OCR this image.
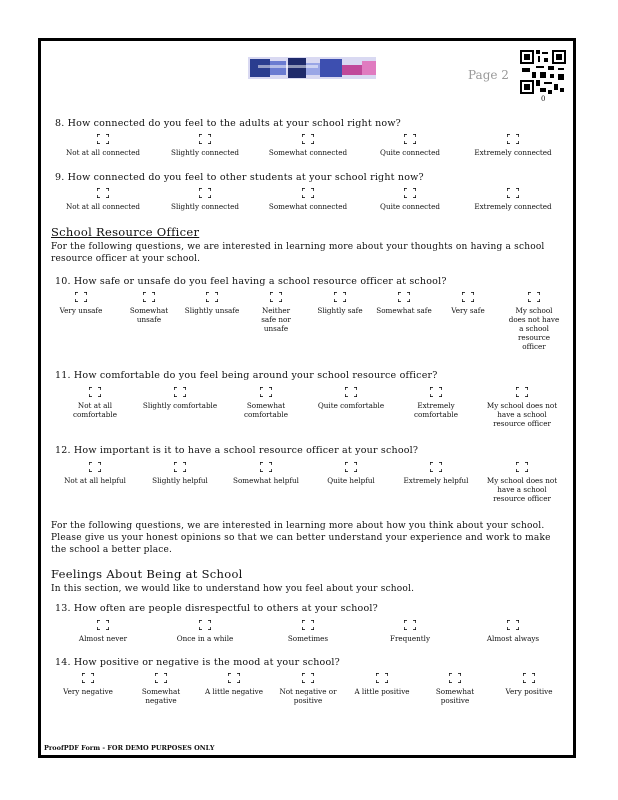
Page 2
0
8. How connected do you feel to the adults at your school right now?
Not at all connected	Slightly connected	Somewhat connected	Quite connected	Extremely connected
9. How connected do you feel to other students at your school right now?
Not at all connected	Slightly connected	Somewhat connected	Quite connected	Extremely connected
School Resource Officer
For the following questions, we are interested in learning more about your thoughts on having a school resource officer at your school.
10. How safe or unsafe do you feel having a school resource officer at school?
Very unsafe	Somewhat unsafe
Slightly unsafe	Neither safe nor unsafe
Slightly safe	Somewhat safe	Very safe	My school does not have a school resource officer
11. How comfortable do you feel being around your school resource officer?
Not at all comfortable
Slightly comfortable	Somewhat comfortable
Quite comfortable	Extremely comfortable
My school does not have a school resource officer
12. How important is it to have a school resource officer at your school?
Not at all helpful	Slightly helpful	Somewhat helpful	Quite helpful	Extremely helpful	My school does not have a school resource officer
For the following questions, we are interested in learning more about how you think about your school. Please give us your honest opinions so that we can better understand your experience and work to make the school a better place.
Feelings About Being at School
In this section, we would like to understand how you feel about your school.
13. How often are people disrespectful to others at your school?
Almost never	Once in a while	Sometimes	Frequently	Almost always
14. How positive or negative is the mood at your school?
Very negative	Somewhat negative
A little negative	Not negative or positive
A little positive	Somewhat positive
Very positive
ProofPDF Form - FOR DEMO PURPOSES ONLY
